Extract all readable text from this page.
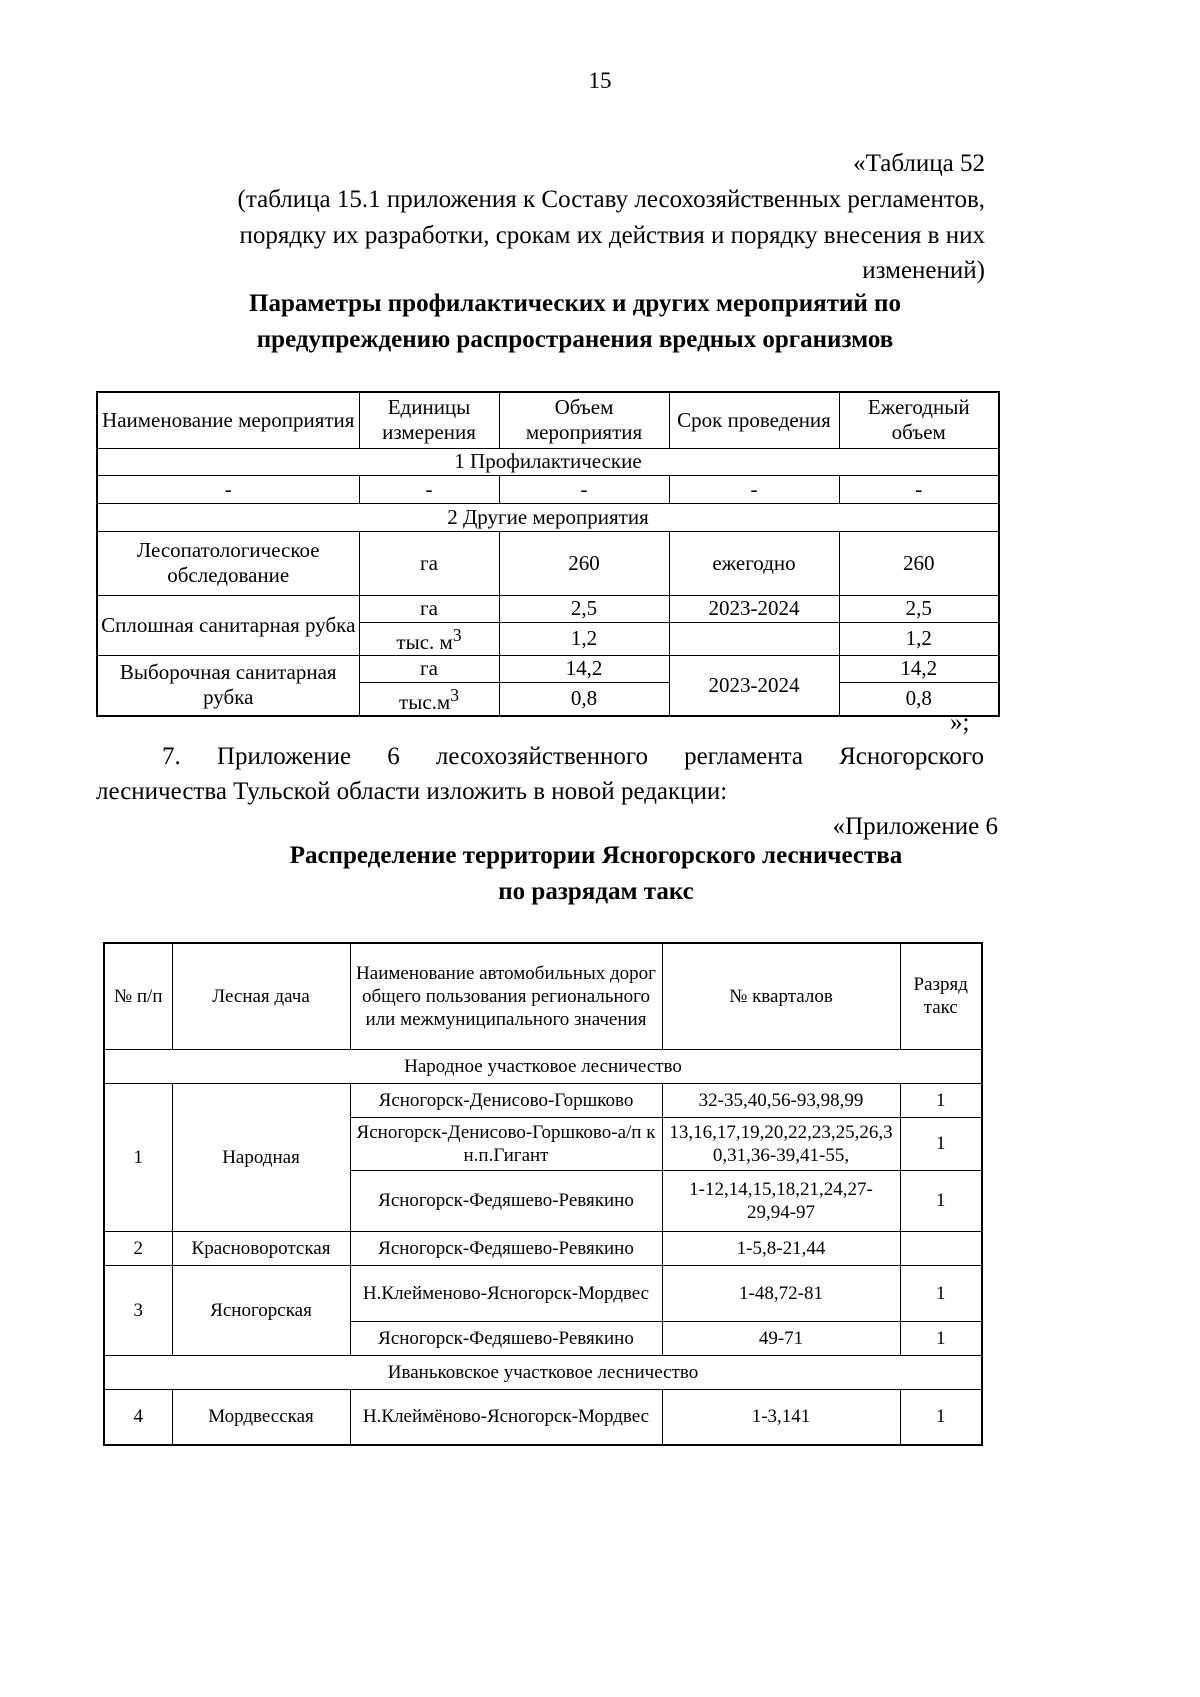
15
«Таблица 52
(таблица 15.1 приложения к Составу лесохозяйственных регламентов,
порядку их разработки, срокам их действия и порядку внесения в них
изменений)
Параметры профилактических и других мероприятий по
предупреждению распространения вредных организмов
Наименование мероприятия	Единицы измерения	Объем мероприятия	Срок проведения	Ежегодный объем
1 Профилактические				
-	-	-	-	-
2 Другие мероприятия				
Лесопатологическое обследование	га	260	ежегодно	260
Сплошная санитарная рубка	га	2,5	2023-2024	2,5
	тыс. $м^3$	1,2		1,2
Выборочная санитарная рубка	га	14,2	2023-2024	14,2
	$тыс.м^3$	0,8		0,8
»;
7. Приложение 6 лесохозяйственного регламента Ясногорского
лесничества Тульской области изложить в новой редакции:
«Приложение 6
Распределение территории Ясногорского лесничества
по разрядам такс
№ п/п	Лесная дача	Наименование автомобильных дорог общего пользования регионального или межмуниципального значения	№ кварталов	Разряд такс
Народное участковое лесничество				
1	Народная	Ясногорск-Денисово-Горшково	32-35,40,56-93,98,99	1
		Ясногорск-Денисово-Горшково-а/п к н.п.Гигант	13,16,17,19,20,22,23,25,26,30,31,36-39,41-55,	1
		Ясногорск-Федяшево-Ревякино	1-12,14,15,18,21,24,27-29,94-97	1
2	Красноворотская	Ясногорск-Федяшево-Ревякино	1-5,8-21,44	
3	Ясногорская	Н.Клейменово-Ясногорск-Мордвес	1-48,72-81	1
		Ясногорск-Федяшево-Ревякино	49-71	1
Иваньковское участковое лесничество				
4	Мордвесская	Н.Клеймёново-Ясногорск-Мордвес	1-3,141	1
